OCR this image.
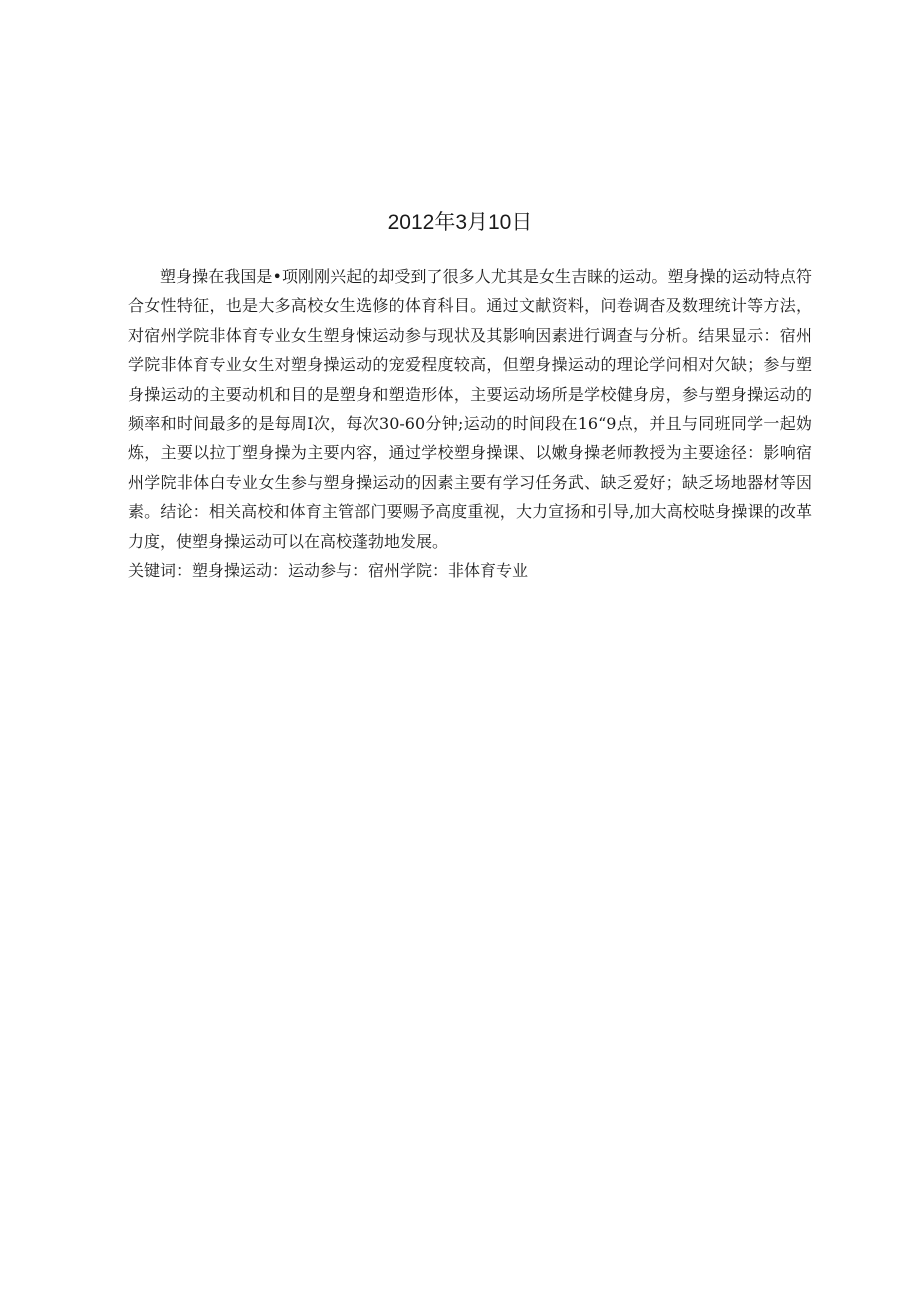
2012年3月10日

塑身操在我国是•项刚刚兴起的却受到了很多人尤其是女生吉睐的运动。塑身操的运动特点符合女性特征，也是大多高校女生选修的体育科目。通过文献资料，问卷调杳及数理统计等方法，对宿州学院非体育专业女生塑身悚运动参与现状及其影响因素进行调查与分析。结果显示：宿州学院非体育专业女生对塑身操运动的宠爱程度较高，但塑身操运动的理论学问相对欠缺；参与塑身操运动的主要动机和目的是塑身和塑造形体，主要运动场所是学校健身房，参与塑身操运动的频率和时间最多的是每周I次，每次30-60分钟;运动的时间段在16“9点，并且与同班同学一起妫炼，主要以拉丁塑身操为主要内容，通过学校塑身操课、以嫩身操老师教授为主要途径：影响宿州学院非体白专业女生参与塑身操运动的因素主要有学习任务武、缺乏爱好；缺乏场地器材等因素。结论：相关高校和体育主管部门要赐予高度重视，大力宣扬和引导,加大高校哒身操课的改革力度，使塑身操运动可以在高校蓬勃地发展。

关键词：塑身操运动：运动参与：宿州学院：非体育专业
